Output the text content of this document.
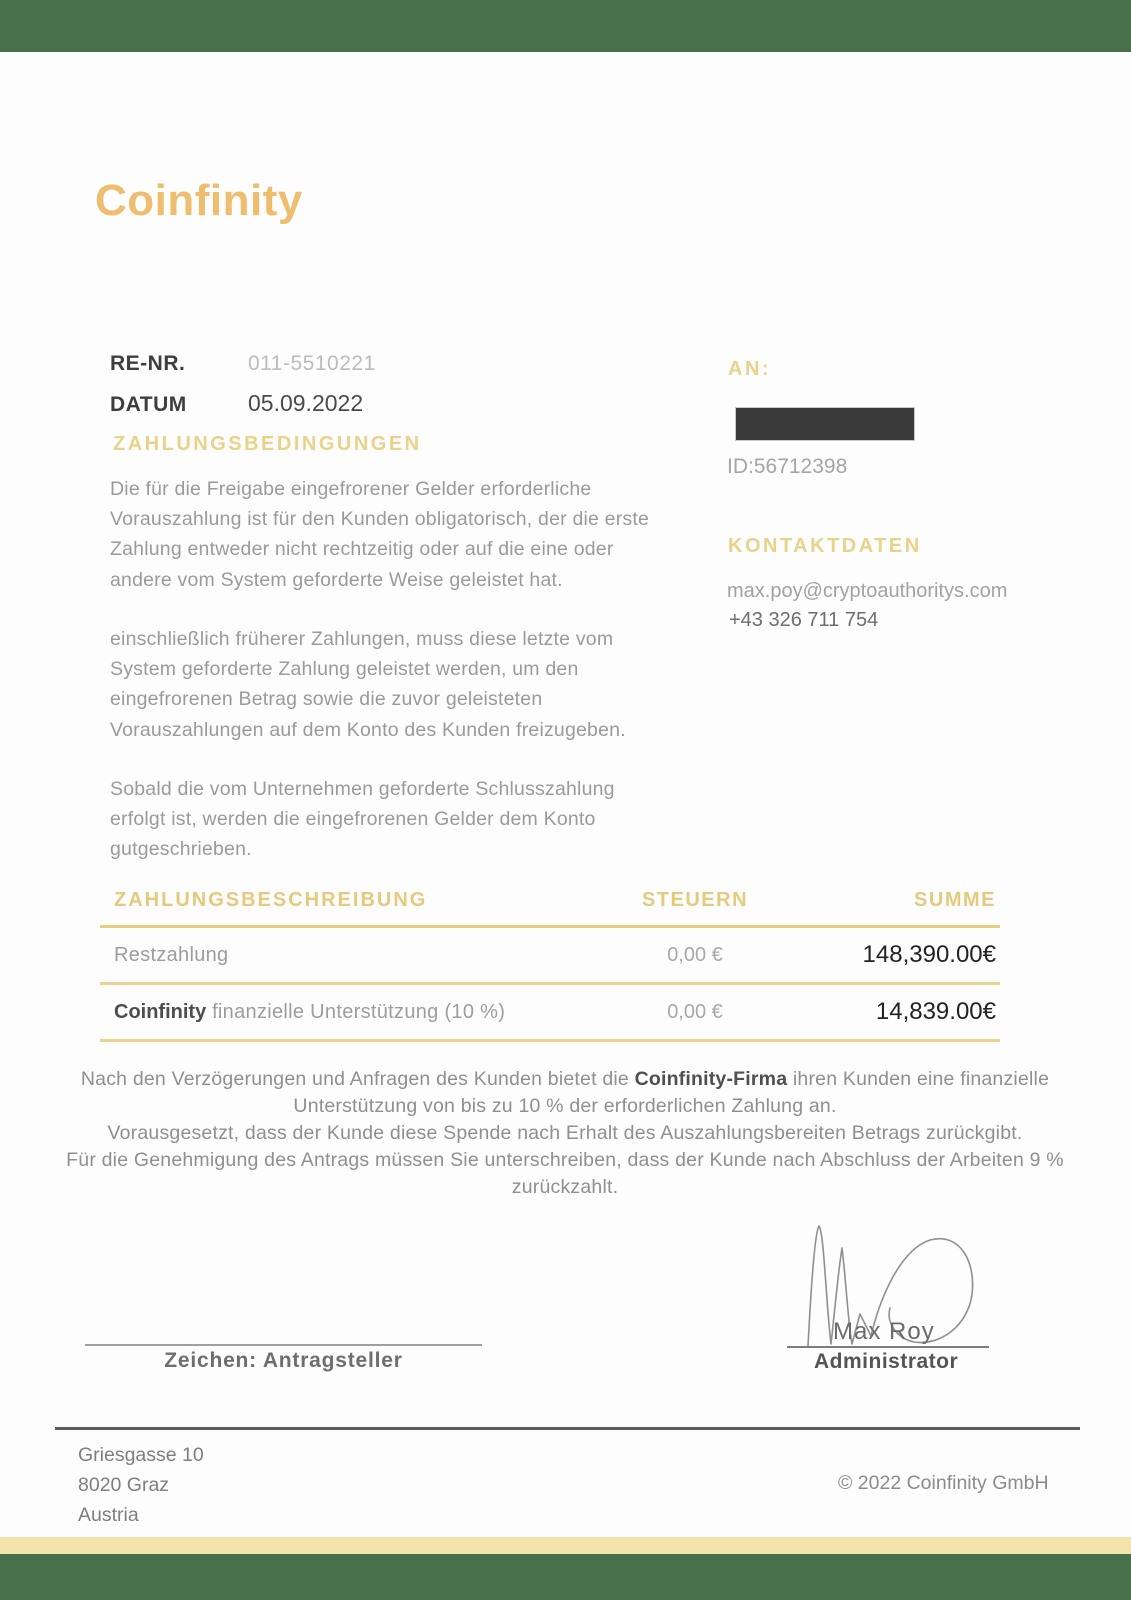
Coinfinity
RE-NR.	011-5510221
DATUM	05.09.2022
ZAHLUNGSBEDINGUNGEN

Die für die Freigabe eingefrorener Gelder erforderliche Vorauszahlung ist für den Kunden obligatorisch, der die erste Zahlung entweder nicht rechtzeitig oder auf die eine oder andere vom System geforderte Weise geleistet hat.

einschließlich früherer Zahlungen, muss diese letzte vom System geforderte Zahlung geleistet werden, um den eingefrorenen Betrag sowie die zuvor geleisteten Vorauszahlungen auf dem Konto des Kunden freizugeben.

Sobald die vom Unternehmen geforderte Schlusszahlung erfolgt ist, werden die eingefrorenen Gelder dem Konto gutgeschrieben.

AN:
ID:56712398
KONTAKTDATEN
max.poy@cryptoauthoritys.com
+43 326 711 754
ZAHLUNGSBESCHREIBUNG	STEUERN	SUMME
Restzahlung	0,00 €	148,390.00€
Coinfinity finanzielle Unterstützung (10 %)	0,00 €	14,839.00€
Nach den Verzögerungen und Anfragen des Kunden bietet die Coinfinity-Firma ihren Kunden eine finanzielle Unterstützung von bis zu 10 % der erforderlichen Zahlung an.
Vorausgesetzt, dass der Kunde diese Spende nach Erhalt des Auszahlungsbereiten Betrags zurückgibt.
Für die Genehmigung des Antrags müssen Sie unterschreiben, dass der Kunde nach Abschluss der Arbeiten 9 % zurückzahlt.
Max Roy
Administrator
Zeichen: Antragsteller
Griesgasse 10
8020 Graz
Austria
© 2022 Coinfinity GmbH
